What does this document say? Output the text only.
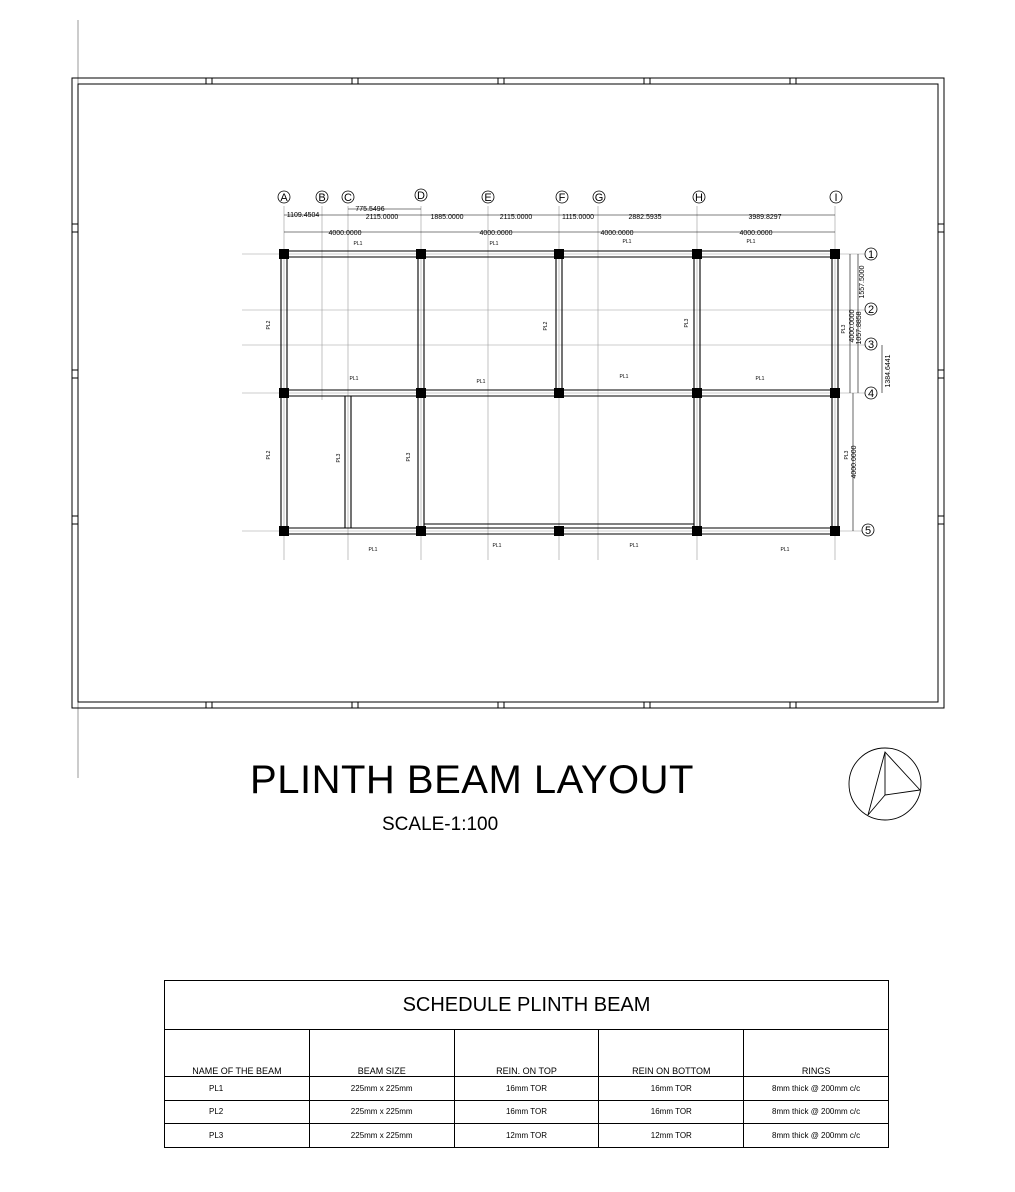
A	B C	D	E	F	G	H	I
1
2
3
4
5
1109.4504
775.5496
2115.0000	1885.0000	2115.0000	1115.0000	2882.5935	3989.8297
4000.0000	4000.0000	4000.0000	4000.0000
1557.5000
4000.0000 1057.8858
1384.6441
4000.0000
PL1	PL1	PL1	PL1
PL1	PL1
PL1	PL1
PL1
PL1	PL1
PL1
PL2
PL2
PL2	PL3
PL3
PL3	PL3	PL3
PLINTH BEAM LAYOUT
SCALE-1:100
SCHEDULE PLINTH BEAM				
NAME OF THE BEAM	BEAM SIZE	REIN. ON TOP	REIN ON BOTTOM	RINGS
PL1	225mm x 225mm	16mm TOR	16mm TOR	8mm thick @ 200mm c/c
PL2	225mm x 225mm	16mm TOR	16mm TOR	8mm thick @ 200mm c/c
PL3	225mm x 225mm	12mm TOR	12mm TOR	8mm thick @ 200mm c/c
